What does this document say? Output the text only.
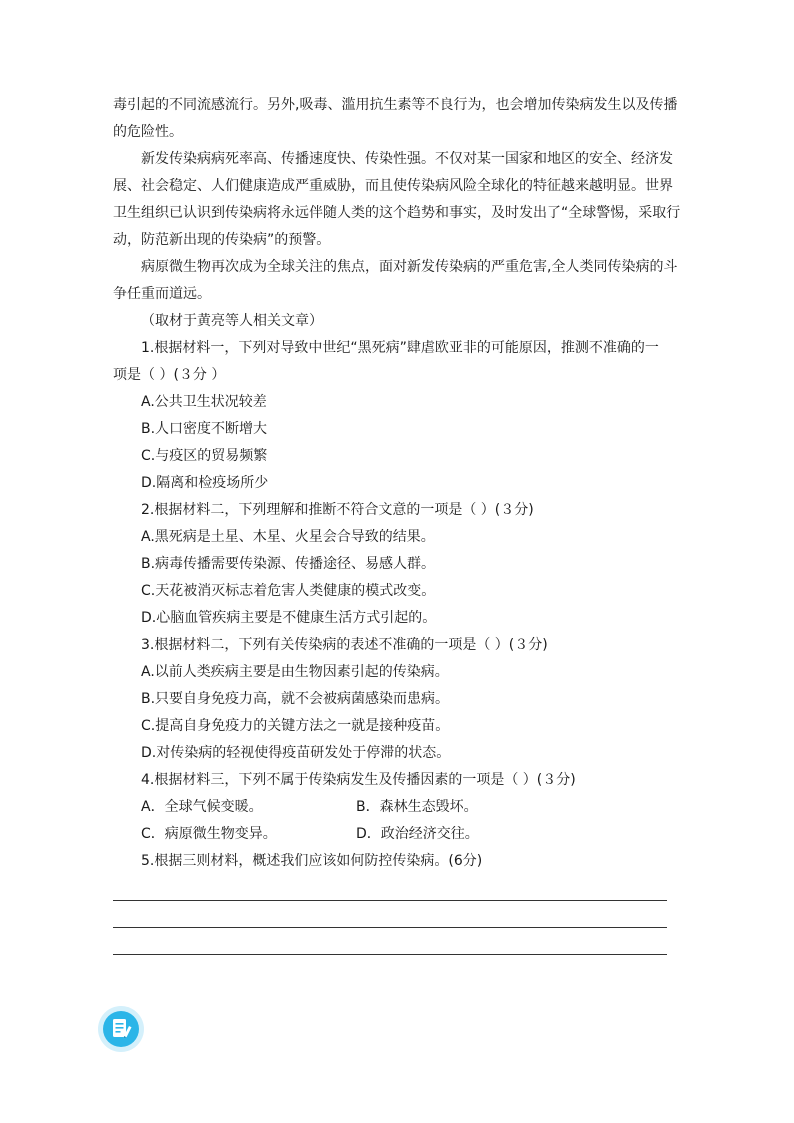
毒引起的不同流感流行。另外,吸毒、滥用抗生素等不良行为，也会增加传染病发生以及传播
的危险性。

新发传染病病死率高、传播速度快、传染性强。不仅对某一国家和地区的安全、经济发展、社会稳定、人们健康造成严重威胁，而且使传染病风险全球化的特征越来越明显。世界卫生组织已认识到传染病将永远伴随人类的这个趋势和事实，及时发出了“全球警惕，采取行动，防范新出现的传染病”的预警。

病原微生物再次成为全球关注的焦点，面对新发传染病的严重危害,全人类同传染病的斗争任重而道远。

（取材于黄亮等人相关文章）

1.根据材料一，下列对导致中世纪“黑死病”肆虐欧亚非的可能原因，推测不准确的一

项是（ ）(３分 ）

A.公共卫生状况较差

B.人口密度不断增大

C.与疫区的贸易频繁

D.隔离和检疫场所少

2.根据材料二，下列理解和推断不符合文意的一项是（ ）(３分)

A.黑死病是土星、木星、火星会合导致的结果。

B.病毒传播需要传染源、传播途径、易感人群。

C.天花被消灭标志着危害人类健康的模式改变。

D.心脑血管疾病主要是不健康生活方式引起的。

3.根据材料二，下列有关传染病的表述不准确的一项是（ ）(３分)

A.以前人类疾病主要是由生物因素引起的传染病。

B.只要自身免疫力高，就不会被病菌感染而患病。

C.提高自身免疫力的关键方法之一就是接种疫苗。

D.对传染病的轻视使得疫苗研发处于停滞的状态。

4.根据材料三，下列不属于传染病发生及传播因素的一项是（ ）(３分)

A．全球气候变暖。	B．森林生态毁坏。
C．病原微生物变异。	D．政治经济交往。

5.根据三则材料，概述我们应该如何防控传染病。(6分)
